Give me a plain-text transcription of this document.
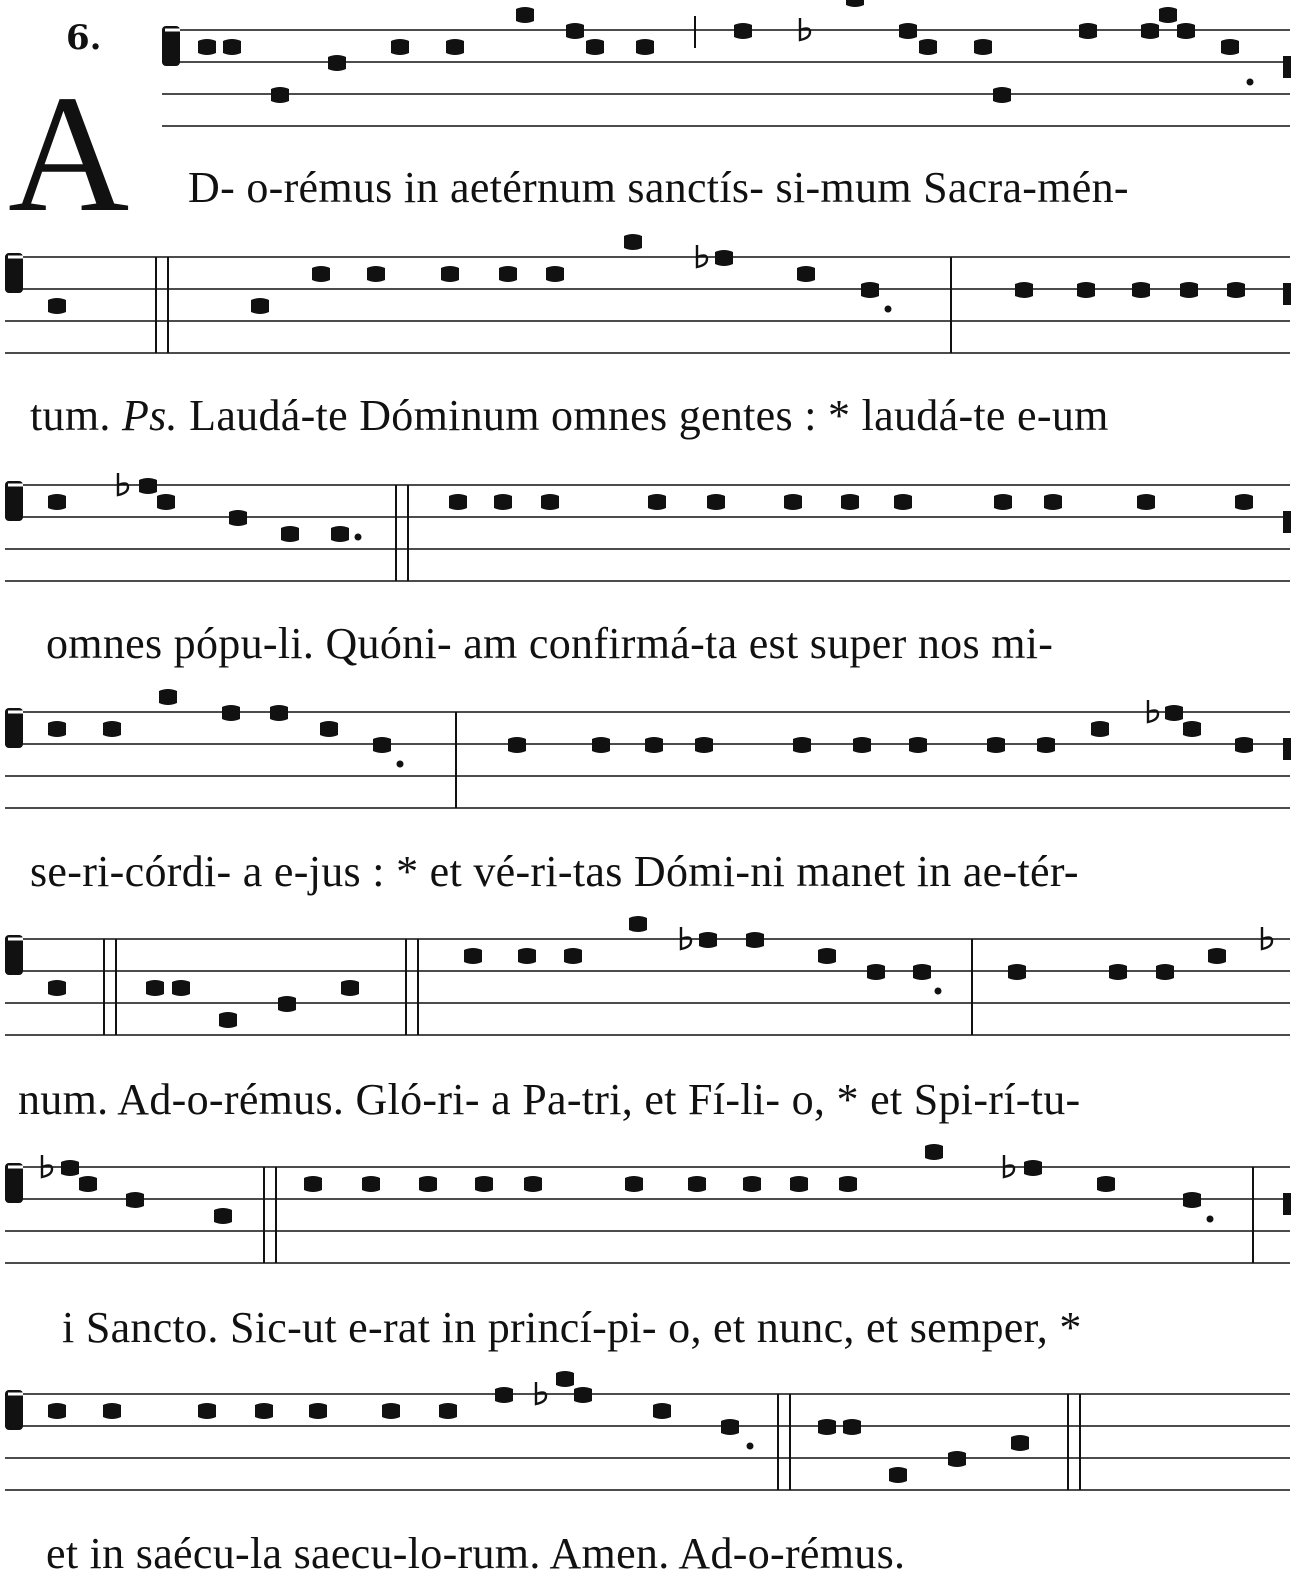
6.
A D- o-rémus in aetérnum sanctís- si-mum Sacra-mén-
tum. Ps. Laudá-te Dóminum omnes gentes : * laudá-te e-um
omnes pópu-li. Quóni- am confirmá-ta est super nos mi-
se-ri-córdi- a e-jus : * et vé-ri-tas Dómi-ni manet in ae-tér-
num. Ad-o-rémus. Gló-ri- a Pa-tri, et Fí-li- o, * et Spi-rí-tu-
i Sancto. Sic-ut e-rat in princí-pi- o, et nunc, et semper, *
et in saécu-la saecu-lo-rum. Amen. Ad-o-rémus.
